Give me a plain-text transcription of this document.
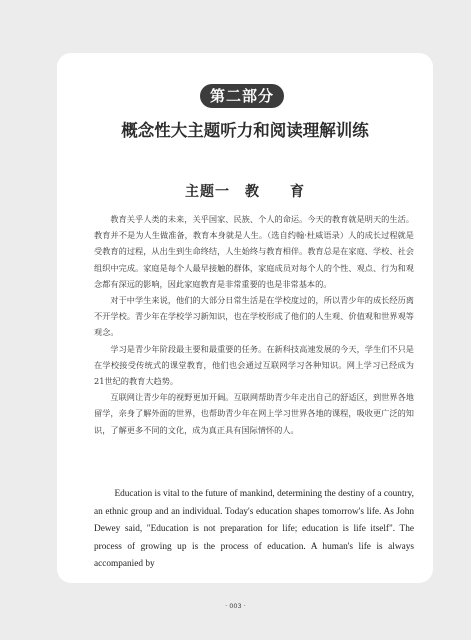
第二部分
概念性大主题听力和阅读理解训练
主题一　教　　育

教育关乎人类的未来，关乎国家、民族、个人的命运。今天的教育就是明天的生活。教育并不是为人生做准备，教育本身就是人生。（选自约翰·杜威语录）人的成长过程就是受教育的过程，从出生到生命终结，人生始终与教育相伴。教育总是在家庭、学校、社会组织中完成。家庭是每个人最早接触的群体，家庭成员对每个人的个性、观点、行为和观念都有深远的影响，因此家庭教育是非常重要的也是非常基本的。

对于中学生来说，他们的大部分日常生活是在学校度过的，所以青少年的成长经历离不开学校。青少年在学校学习新知识，也在学校形成了他们的人生观、价值观和世界观等观念。

学习是青少年阶段最主要和最重要的任务。在新科技高速发展的今天，学生们不只是在学校接受传统式的课堂教育，他们也会通过互联网学习各种知识。网上学习已经成为21世纪的教育大趋势。

互联网让青少年的视野更加开阔。互联网帮助青少年走出自己的舒适区，到世界各地留学，亲身了解外面的世界，也帮助青少年在网上学习世界各地的课程，吸收更广泛的知识，了解更多不同的文化，成为真正具有国际情怀的人。

Education is vital to the future of mankind, determining the destiny of a country, an ethnic group and an individual. Today's education shapes tomorrow's life. As John Dewey said, "Education is not preparation for life; education is life itself". The process of growing up is the process of education. A human's life is always accompanied by

· 003 ·
